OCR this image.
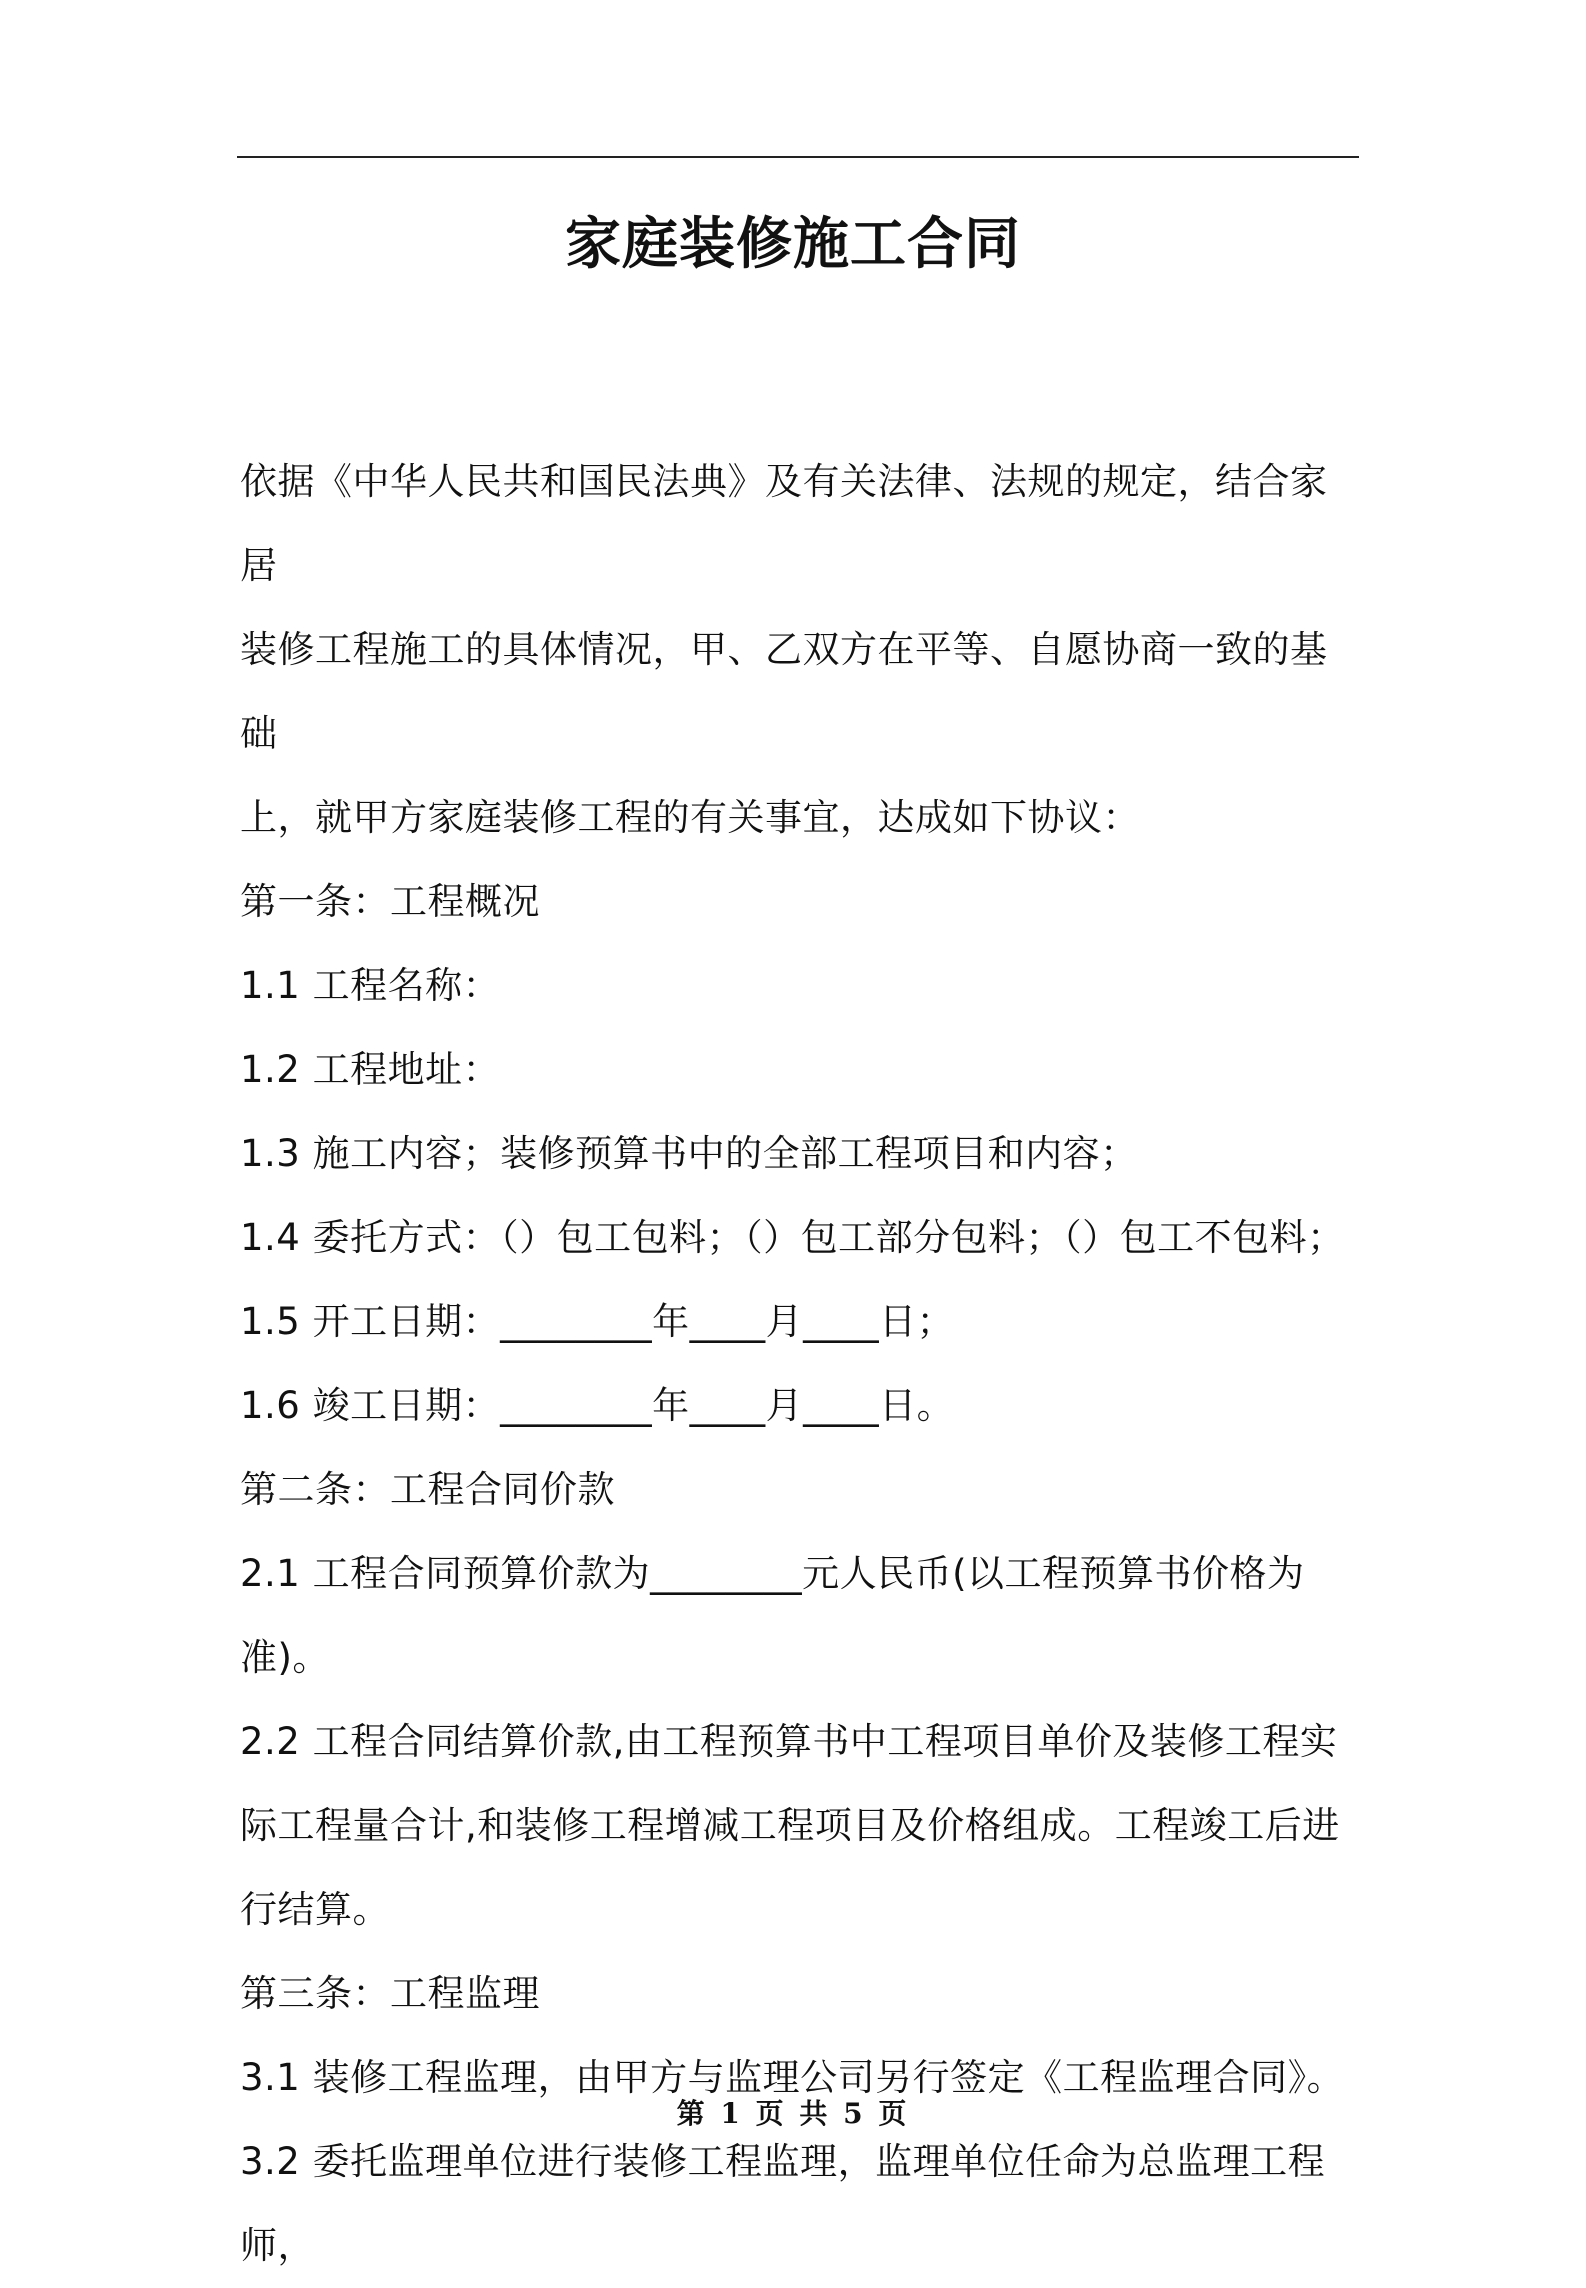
家庭装修施工合同

依据《中华人民共和国民法典》及有关法律、法规的规定，结合家居

装修工程施工的具体情况，甲、乙双方在平等、自愿协商一致的基础

上，就甲方家庭装修工程的有关事宜，达成如下协议：

第一条：工程概况

1.1 工程名称：

1.2 工程地址：

1.3 施工内容；装修预算书中的全部工程项目和内容；

1.4 委托方式：（）包工包料；（）包工部分包料；（）包工不包料；

1.5 开工日期：________年____月____日；

1.6 竣工日期：________年____月____日。

第二条：工程合同价款

2.1 工程合同预算价款为________元人民币(以工程预算书价格为

准)。

2.2 工程合同结算价款,由工程预算书中工程项目单价及装修工程实

际工程量合计,和装修工程增减工程项目及价格组成。工程竣工后进

行结算。

第三条：工程监理

3.1 装修工程监理，由甲方与监理公司另行签定《工程监理合同》。

3.2 委托监理单位进行装修工程监理，监理单位任命为总监理工程师，

第 1 页 共 5 页
